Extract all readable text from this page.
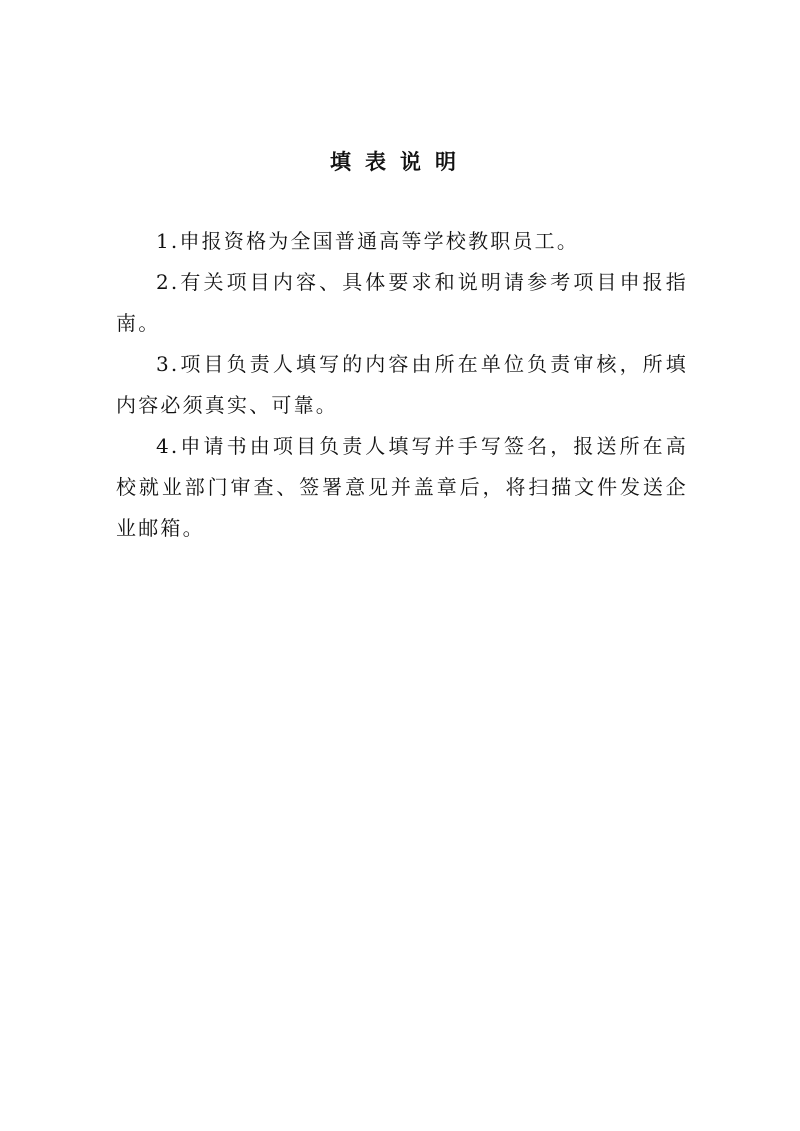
填表说明

1.申报资格为全国普通高等学校教职员工。

2.有关项目内容、具体要求和说明请参考项目申报指南。

3.项目负责人填写的内容由所在单位负责审核，所填内容必须真实、可靠。

4.申请书由项目负责人填写并手写签名，报送所在高校就业部门审查、签署意见并盖章后，将扫描文件发送企业邮箱。
